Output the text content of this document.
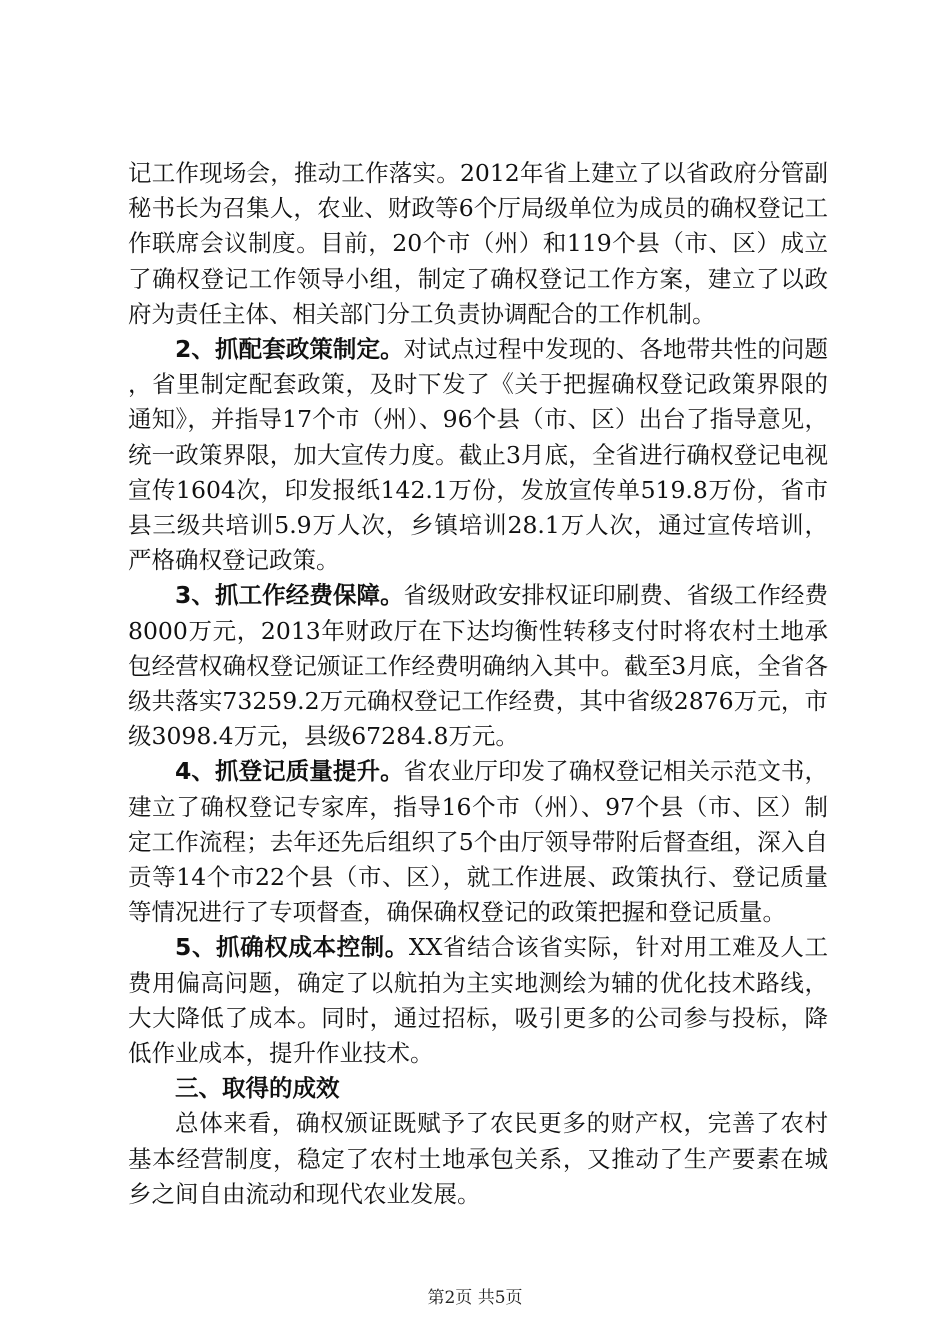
记工作现场会，推动工作落实。2012年省上建立了以省政府分管副秘书长为召集人，农业、财政等6个厅局级单位为成员的确权登记工作联席会议制度。目前，20个市（州）和119个县（市、区）成立了确权登记工作领导小组，制定了确权登记工作方案，建立了以政府为责任主体、相关部门分工负责协调配合的工作机制。

2、抓配套政策制定。对试点过程中发现的、各地带共性的问题，省里制定配套政策，及时下发了《关于把握确权登记政策界限的通知》，并指导17个市（州）、96个县（市、区）出台了指导意见，统一政策界限，加大宣传力度。截止3月底，全省进行确权登记电视宣传1604次，印发报纸142.1万份，发放宣传单519.8万份，省市县三级共培训5.9万人次，乡镇培训28.1万人次，通过宣传培训，严格确权登记政策。

3、抓工作经费保障。省级财政安排权证印刷费、省级工作经费8000万元，2013年财政厅在下达均衡性转移支付时将农村土地承包经营权确权登记颁证工作经费明确纳入其中。截至3月底，全省各级共落实73259.2万元确权登记工作经费，其中省级2876万元，市级3098.4万元，县级67284.8万元。

4、抓登记质量提升。省农业厅印发了确权登记相关示范文书，建立了确权登记专家库，指导16个市（州）、97个县（市、区）制定工作流程；去年还先后组织了5个由厅领导带附后督查组，深入自贡等14个市22个县（市、区），就工作进展、政策执行、登记质量等情况进行了专项督查，确保确权登记的政策把握和登记质量。

5、抓确权成本控制。XX省结合该省实际，针对用工难及人工费用偏高问题，确定了以航拍为主实地测绘为辅的优化技术路线，大大降低了成本。同时，通过招标，吸引更多的公司参与投标，降低作业成本，提升作业技术。

三、取得的成效

总体来看，确权颁证既赋予了农民更多的财产权，完善了农村基本经营制度，稳定了农村土地承包关系，又推动了生产要素在城乡之间自由流动和现代农业发展。

第2页 共5页
